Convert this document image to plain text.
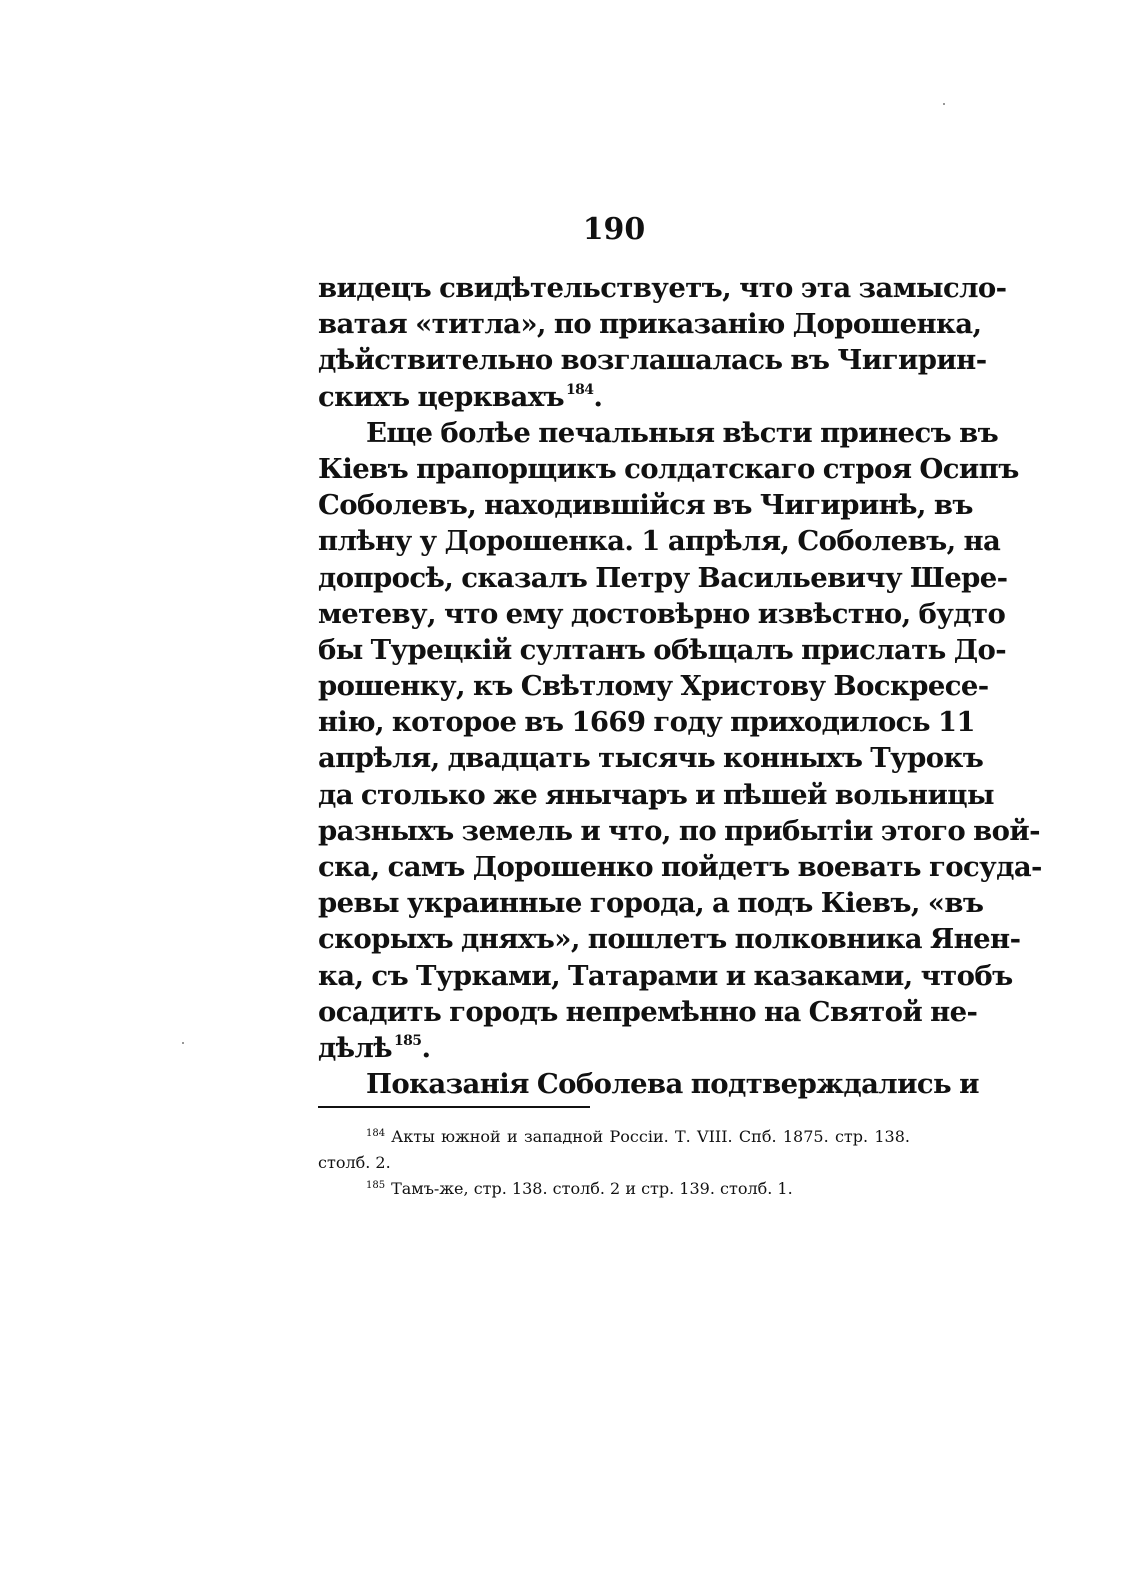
190
видецъ свидѣтельствуетъ, что эта замысло-
ватая «титла», по приказанію Дорошенка,
дѣйствительно возглашалась въ Чигирин-
скихъ церквахъ $^{184}$.
Еще болѣе печальныя вѣсти принесъ въ
Кіевъ прапорщикъ солдатскаго строя Осипъ
Соболевъ, находившійся въ Чигиринѣ, въ
плѣну у Дорошенка. 1 апрѣля, Соболевъ, на
допросѣ, сказалъ Петру Васильевичу Шере-
метеву, что ему достовѣрно извѣстно, будто
бы Турецкій султанъ обѣщалъ прислать До-
рошенку, къ Свѣтлому Христову Воскресе-
нію, которое въ 1669 году приходилось 11
апрѣля, двадцать тысячь конныхъ Турокъ
да столько же янычаръ и пѣшей вольницы
разныхъ земель и что, по прибытіи этого вой-
ска, самъ Дорошенко пойдетъ воевать госуда-
ревы украинные города, а подъ Кіевъ, «въ
скорыхъ дняхъ», пошлетъ полковника Янен-
ка, съ Турками, Татарами и казаками, чтобъ
осадить городъ непремѣнно на Святой не-
дѣлѣ $^{185}$.
Показанія Соболева подтверждались и
$^{184}$ Акты южной и западной Россіи. Т. VIII. Спб. 1875. стр. 138.
столб. 2.
$^{185}$ Тамъ-же, стр. 138. столб. 2 и стр. 139. столб. 1.
